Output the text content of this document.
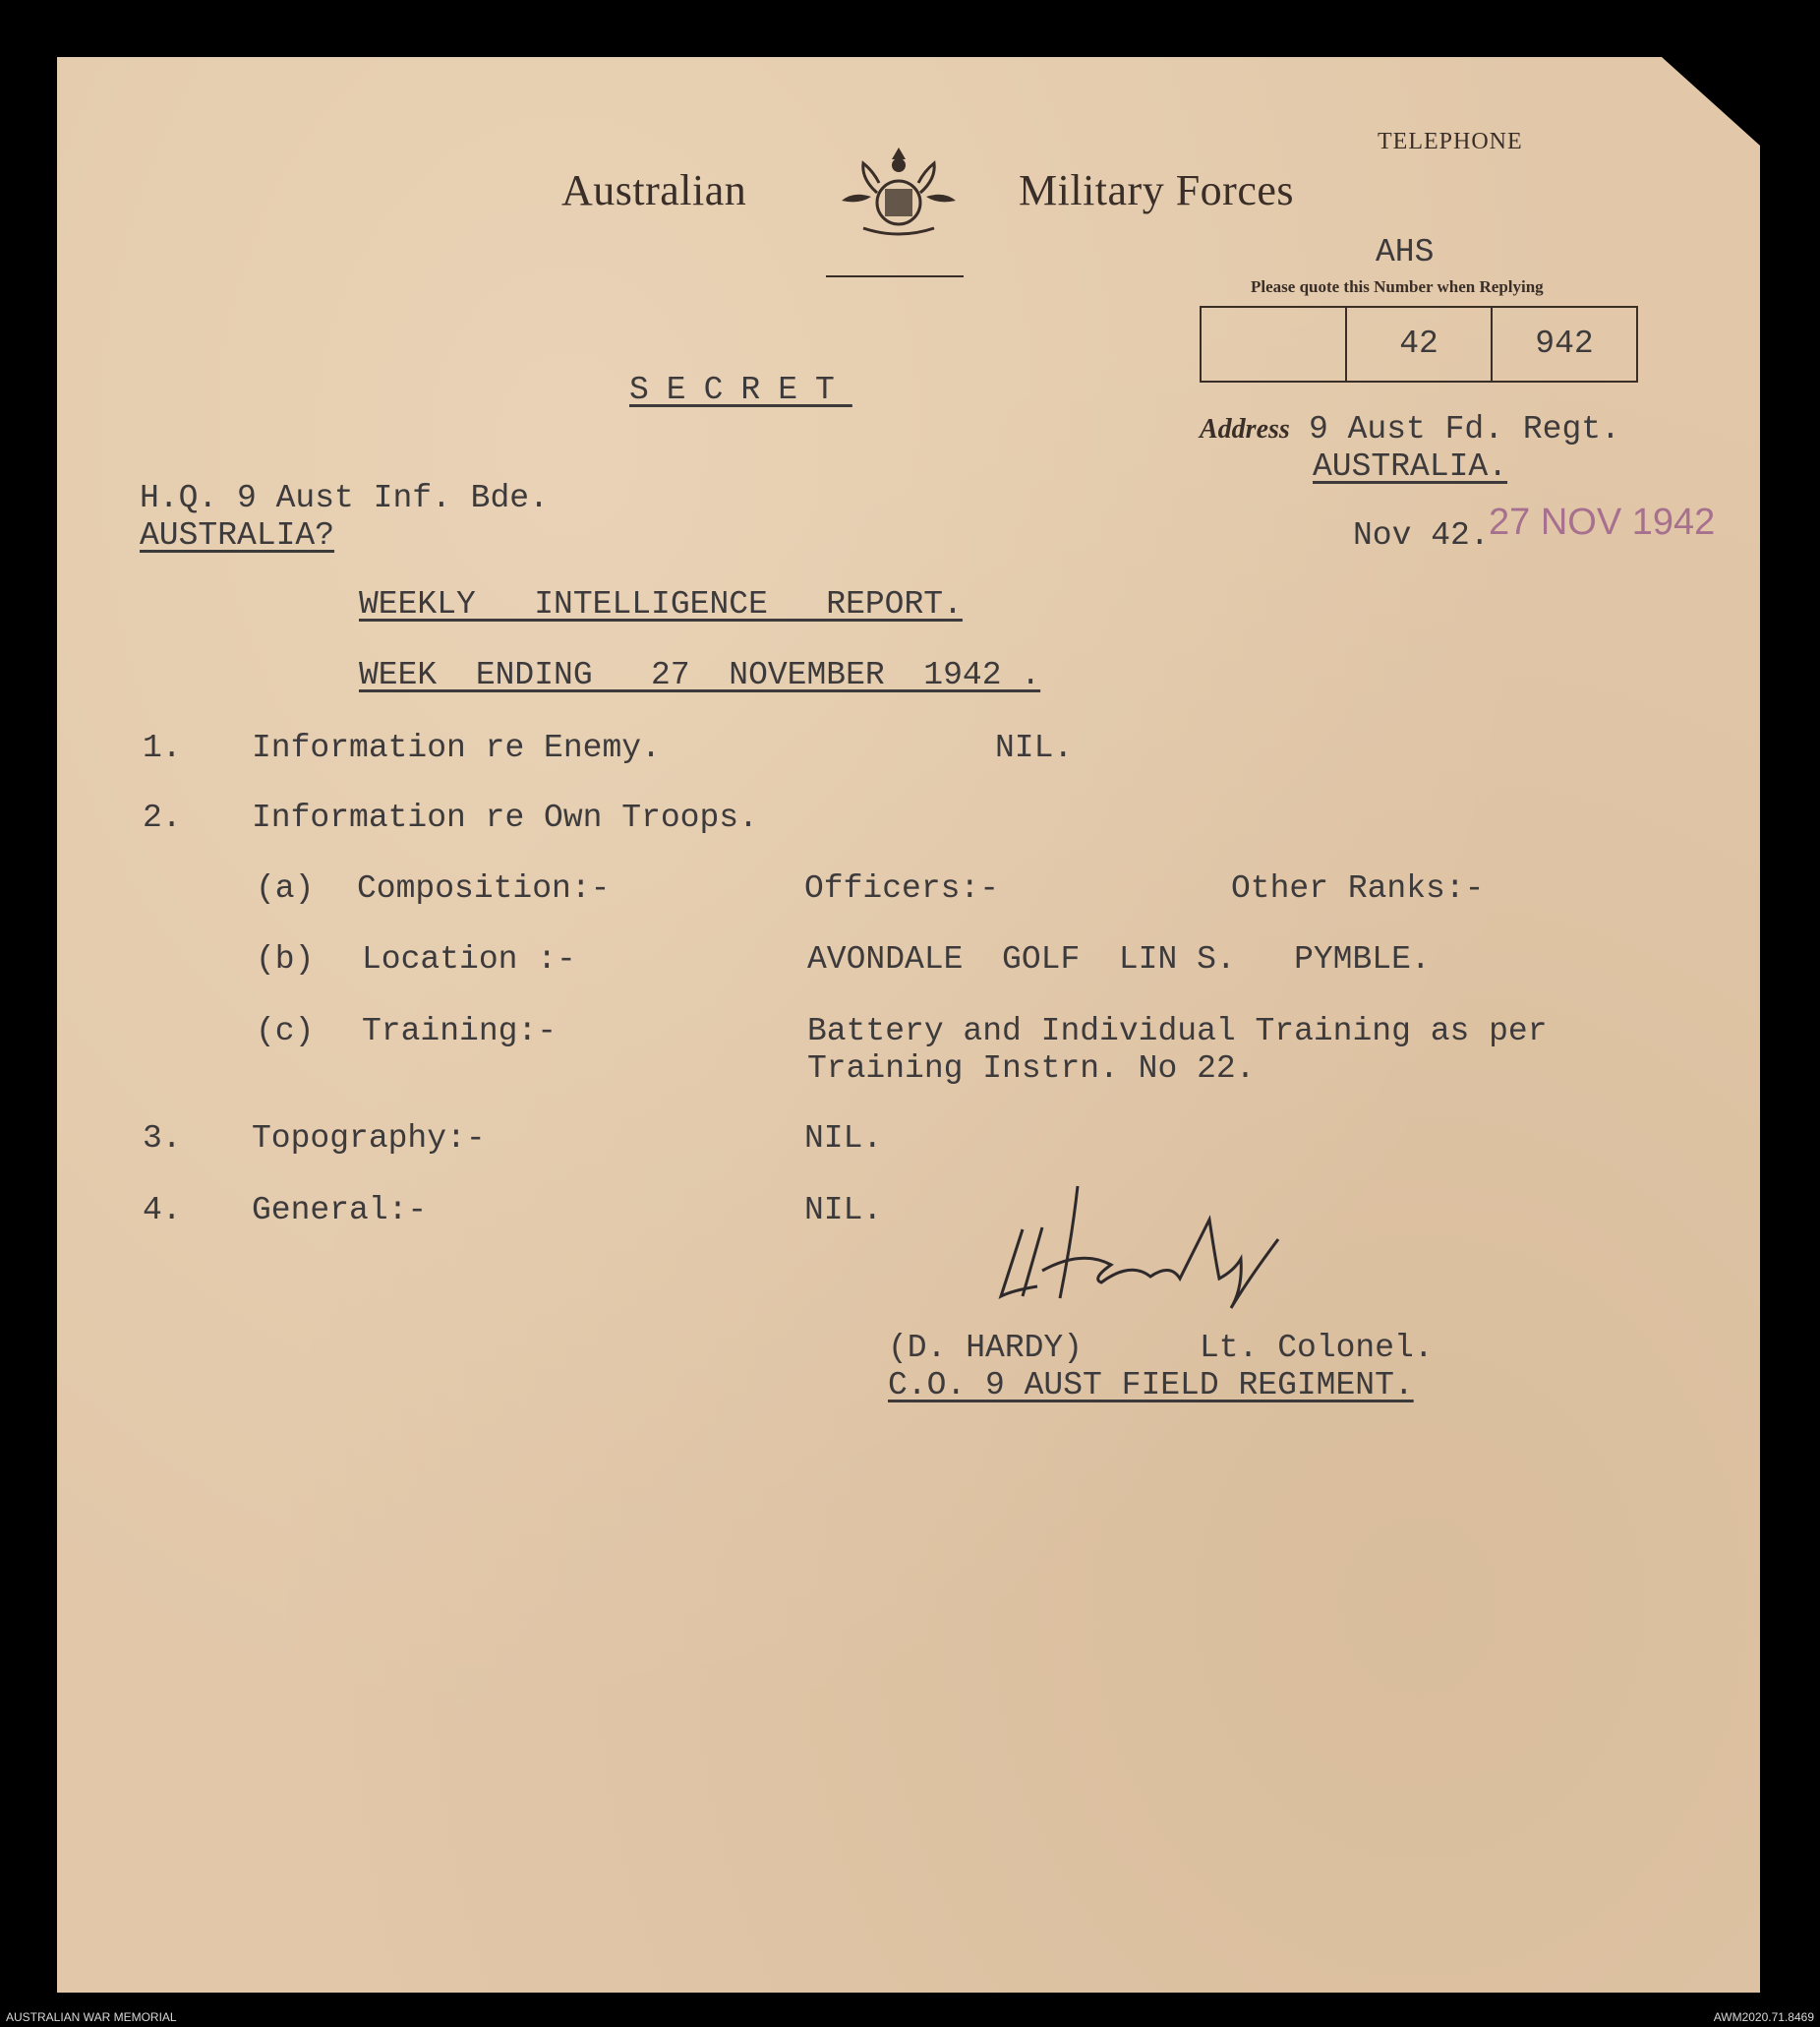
Australian	Military Forces
TELEPHONE
AHS
Please quote this Number when Replying
42	942
Address 9 Aust Fd. Regt.
AUSTRALIA.
SECRET
H.Q. 9 Aust Inf. Bde.
AUSTRALIA?	Nov 42. 27 NOV 1942
WEEKLY   INTELLIGENCE   REPORT.
WEEK  ENDING   27  NOVEMBER  1942 .
1. Information re Enemy.	NIL.
2. Information re Own Troops.
(a) Composition:-	Officers:-	Other Ranks:-
(b) Location :-	AVONDALE  GOLF  LIN S.   PYMBLE.
(c) Training:-	Battery and Individual Training as per
Training Instrn. No 22.
3. Topography:-	NIL.
4. General:-	NIL.
(D. HARDY)	Lt. Colonel.
C.O. 9 AUST FIELD REGIMENT.
AUSTRALIAN WAR MEMORIAL	AWM2020.71.8469
